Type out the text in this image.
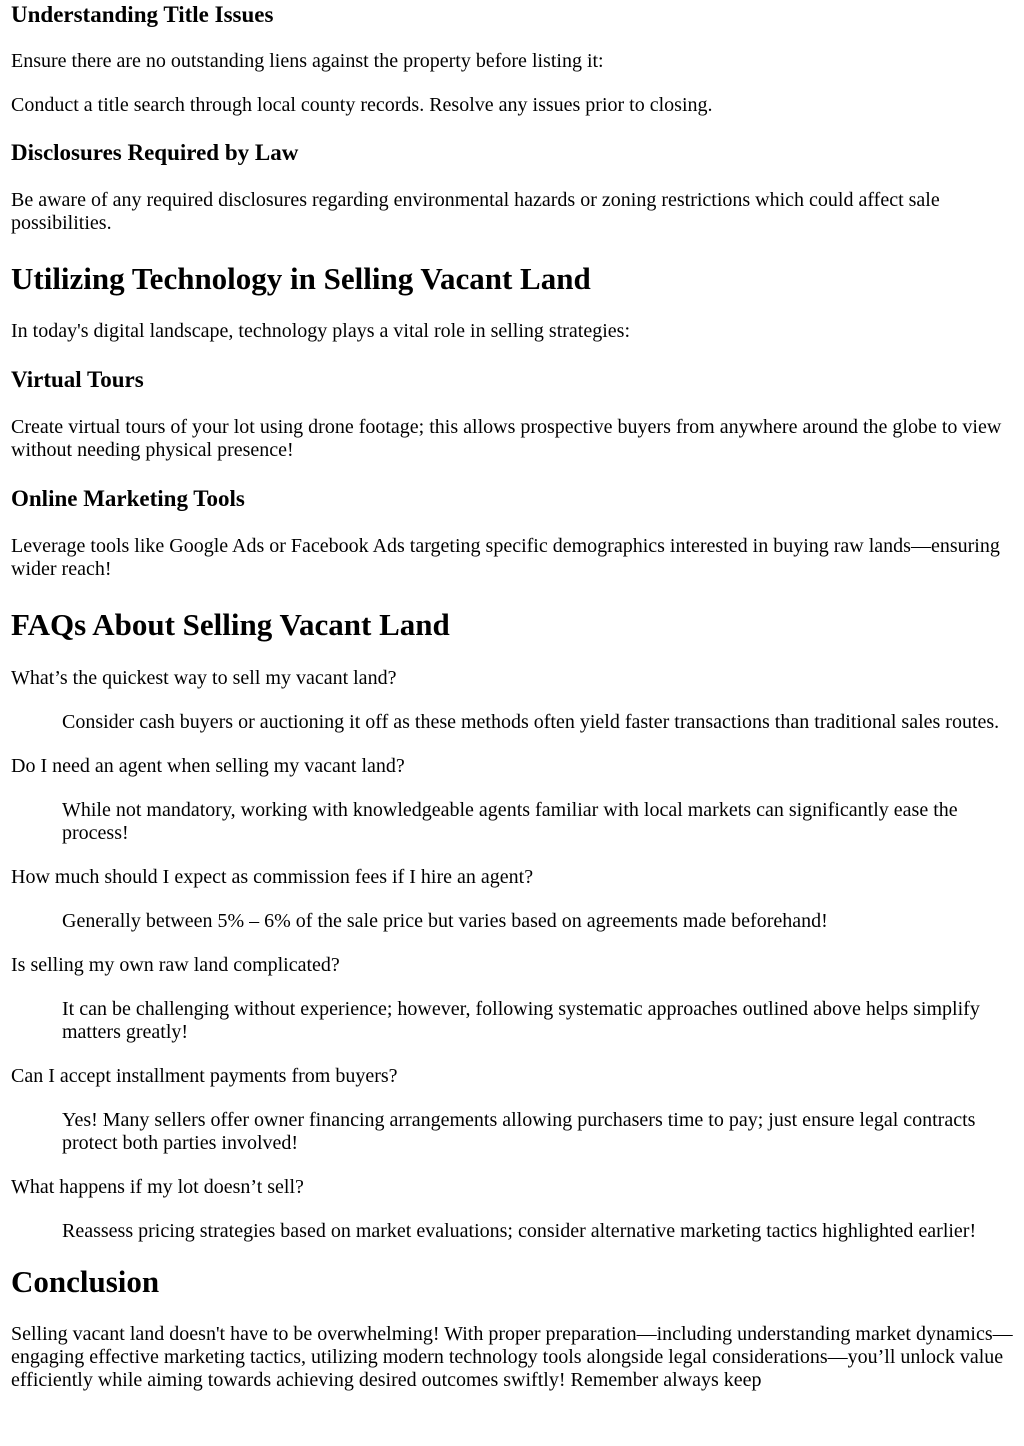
Understanding Title Issues

Ensure there are no outstanding liens against the property before listing it:

Conduct a title search through local county records. Resolve any issues prior to closing.

Disclosures Required by Law

Be aware of any required disclosures regarding environmental hazards or zoning restrictions which could affect sale possibilities.

Utilizing Technology in Selling Vacant Land

In today's digital landscape, technology plays a vital role in selling strategies:

Virtual Tours

Create virtual tours of your lot using drone footage; this allows prospective buyers from anywhere around the globe to view without needing physical presence!

Online Marketing Tools

Leverage tools like Google Ads or Facebook Ads targeting specific demographics interested in buying raw lands—ensuring wider reach!

FAQs About Selling Vacant Land
What’s the quickest way to sell my vacant land?
Consider cash buyers or auctioning it off as these methods often yield faster transactions than traditional sales routes.
Do I need an agent when selling my vacant land?
While not mandatory, working with knowledgeable agents familiar with local markets can significantly ease the process!
How much should I expect as commission fees if I hire an agent?
Generally between 5% – 6% of the sale price but varies based on agreements made beforehand!
Is selling my own raw land complicated?
It can be challenging without experience; however, following systematic approaches outlined above helps simplify matters greatly!
Can I accept installment payments from buyers?
Yes! Many sellers offer owner financing arrangements allowing purchasers time to pay; just ensure legal contracts protect both parties involved!
What happens if my lot doesn’t sell?
Reassess pricing strategies based on market evaluations; consider alternative marketing tactics highlighted earlier!
Conclusion

Selling vacant land doesn't have to be overwhelming! With proper preparation—including understanding market dynamics—engaging effective marketing tactics, utilizing modern technology tools alongside legal considerations—you’ll unlock value efficiently while aiming towards achieving desired outcomes swiftly! Remember always keep
